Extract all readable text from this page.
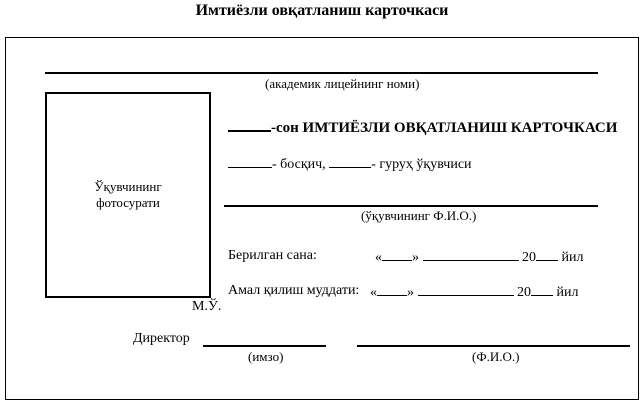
Имтиёзли овқатланиш карточкаси
(академик лицейнинг номи)
Ўқувчининг
фотосурати
-сон ИМТИЁЗЛИ ОВҚАТЛАНИШ КАРТОЧКАСИ
- босқич,	- гуруҳ ўқувчиси
(ўқувчининг Ф.И.О.)
Берилган сана:	« »	20 йил
Амал қилиш муддати: « »	20 йил
М.Ў.
Директор
(имзо)	(Ф.И.О.)
